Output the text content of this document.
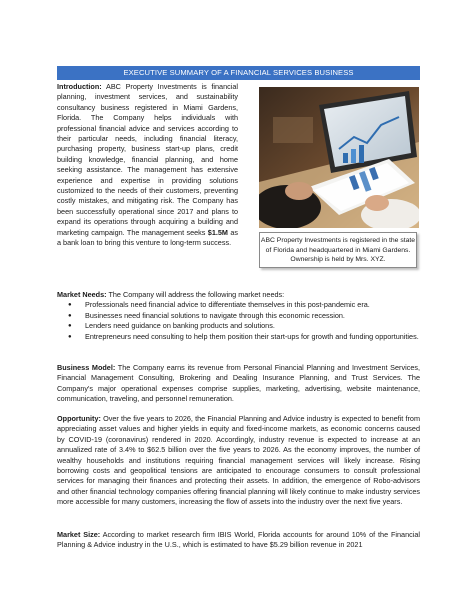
EXECUTIVE SUMMARY OF A FINANCIAL SERVICES BUSINESS
Introduction: ABC Property Investments is financial planning, investment services, and sustainability consultancy business registered in Miami Gardens, Florida. The Company helps individuals with professional financial advice and services according to their particular needs, including financial literacy, purchasing property, business start-up plans, credit building knowledge, financial planning, and home seeking assistance. The management has extensive experience and expertise in providing solutions customized to the needs of their customers, preventing costly mistakes, and mitigating risk. The Company has been successfully operational since 2017 and plans to expand its operations through acquiring a building and marketing campaign. The management seeks $1.5M as a bank loan to bring this venture to long-term success.	ABC Property Investments is registered in the state of Florida and headquartered in Miami Gardens. Ownership is held by Mrs. XYZ.
Market Needs: The Company will address the following market needs:
● Professionals need financial advice to differentiate themselves in this post-pandemic era.
● Businesses need financial solutions to navigate through this economic recession.
● Lenders need guidance on banking products and solutions.
● Entrepreneurs need consulting to help them position their start-ups for growth and funding opportunities.
Business Model: The Company earns its revenue from Personal Financial Planning and Investment Services, Financial Management Consulting, Brokering and Dealing Insurance Planning, and Trust Services. The Company's major operational expenses comprise supplies, marketing, advertising, website maintenance, communication, traveling, and personnel remuneration.
Opportunity: Over the five years to 2026, the Financial Planning and Advice industry is expected to benefit from appreciating asset values and higher yields in equity and fixed-income markets, as economic concerns caused by COVID-19 (coronavirus) rendered in 2020. Accordingly, industry revenue is expected to increase at an annualized rate of 3.4% to $62.5 billion over the five years to 2026. As the economy improves, the number of wealthy households and institutions requiring financial management services will likely increase. Rising borrowing costs and geopolitical tensions are anticipated to encourage consumers to consult professional services for managing their finances and protecting their assets. In addition, the emergence of Robo-advisors and other financial technology companies offering financial planning will likely continue to make industry services more accessible for many customers, increasing the flow of assets into the industry over the next five years.
Market Size: According to market research firm IBIS World, Florida accounts for around 10% of the Financial Planning & Advice industry in the U.S., which is estimated to have $5.29 billion revenue in 2021
